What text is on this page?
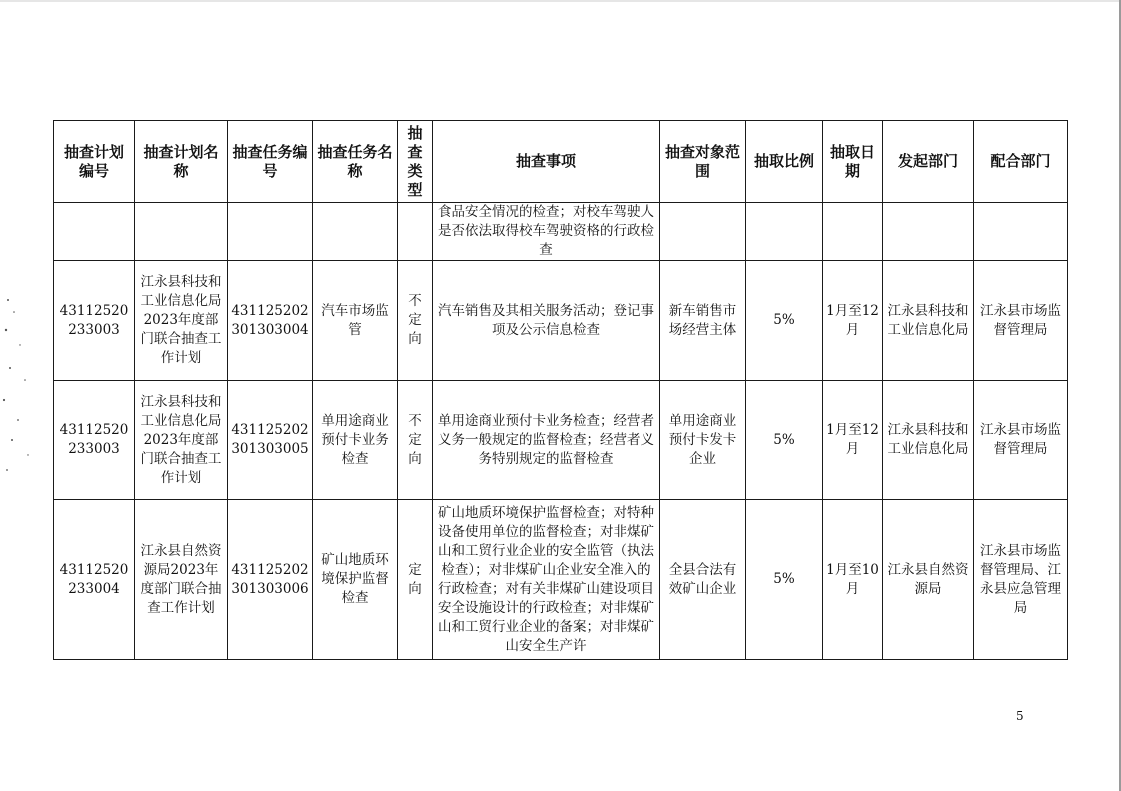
抽查计划编号	抽查计划名称	抽查任务编号	抽查任务名称	抽查类型	抽查事项	抽查对象范围	抽取比例	抽取日期	发起部门	配合部门
					食品安全情况的检查；对校车驾驶人是否依法取得校车驾驶资格的行政检查					
43112520233003	江永县科技和工业信息化局2023年度部门联合抽查工作计划	431125202301303004	汽车市场监管	不定向	汽车销售及其相关服务活动；登记事项及公示信息检查	新车销售市场经营主体	5%	1月至12月	江永县科技和工业信息化局	江永县市场监督管理局
43112520233003	江永县科技和工业信息化局2023年度部门联合抽查工作计划	431125202301303005	单用途商业预付卡业务检查	不定向	单用途商业预付卡业务检查；经营者义务一般规定的监督检查；经营者义务特别规定的监督检查	单用途商业预付卡发卡企业	5%	1月至12月	江永县科技和工业信息化局	江永县市场监督管理局
43112520233004	江永县自然资源局2023年度部门联合抽查工作计划	431125202301303006	矿山地质环境保护监督检查	定向	矿山地质环境保护监督检查；对特种设备使用单位的监督检查；对非煤矿山和工贸行业企业的安全监管（执法检查）；对非煤矿山企业安全准入的行政检查；对有关非煤矿山建设项目安全设施设计的行政检查；对非煤矿山和工贸行业企业的备案；对非煤矿山安全生产许	全县合法有效矿山企业	5%	1月至10月	江永县自然资源局	江永县市场监督管理局、江永县应急管理局
5
